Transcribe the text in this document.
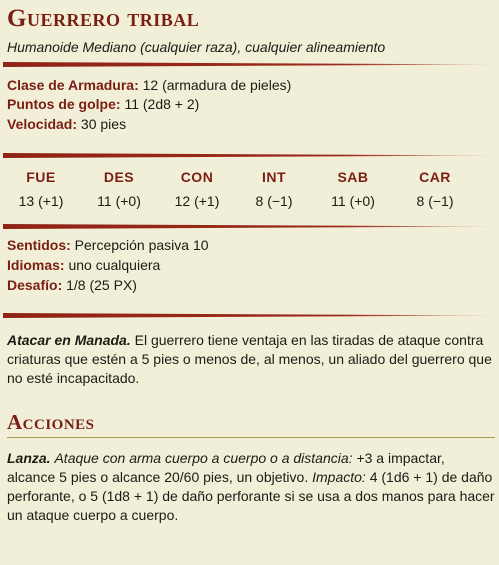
Guerrero tribal

Humanoide Mediano (cualquier raza), cualquier alineamiento

Clase de Armadura: 12 (armadura de pieles)

Puntos de golpe: 11 (2d8 + 2)

Velocidad: 30 pies

FUE
13 (+1)
DES
11 (+0)
CON
12 (+1)
INT
8 (−1)
SAB
11 (+0)
CAR
8 (−1)

Sentidos: Percepción pasiva 10

Idiomas: uno cualquiera

Desafío: 1/8 (25 PX)

Atacar en Manada. El guerrero tiene ventaja en las tiradas de ataque contra criaturas que estén a 5 pies o menos de, al menos, un aliado del guerrero que no esté incapacitado.

Acciones

Lanza. Ataque con arma cuerpo a cuerpo o a distancia: +3 a impactar, alcance 5 pies o alcance 20/60 pies, un objetivo. Impacto: 4 (1d6 + 1) de daño perforante, o 5 (1d8 + 1) de daño perforante si se usa a dos manos para hacer un ataque cuerpo a cuerpo.
